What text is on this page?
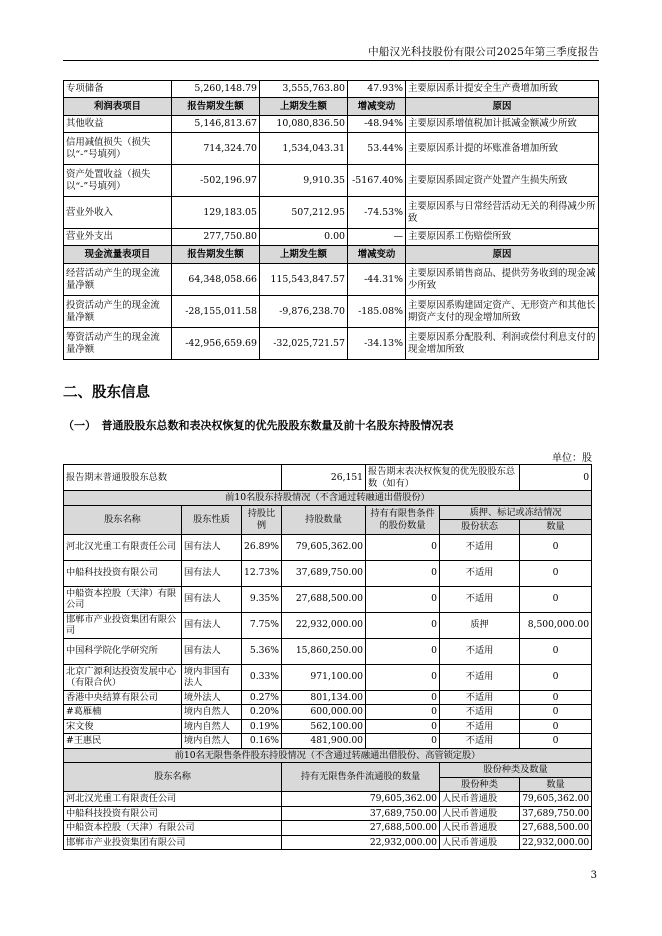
中船汉光科技股份有限公司2025年第三季度报告
专项储备	5,260,148.79	3,555,763.80	47.93%	主要原因系计提安全生产费增加所致
利润表项目	报告期发生额	上期发生额	增减变动	原因
其他收益	5,146,813.67	10,080,836.50	-48.94%	主要原因系增值税加计抵减金额减少所致
信用减值损失（损失以“-”号填列）	714,324.70	1,534,043.31	53.44%	主要原因系计提的坏账准备增加所致
资产处置收益（损失以“-”号填列）	-502,196.97	9,910.35	-5167.40%	主要原因系固定资产处置产生损失所致
营业外收入	129,183.05	507,212.95	-74.53%	主要原因系与日常经营活动无关的利得减少所致
营业外支出	277,750.80	0.00	—	主要原因系工伤赔偿所致
现金流量表项目	报告期发生额	上期发生额	增减变动	原因
经营活动产生的现金流量净额	64,348,058.66	115,543,847.57	-44.31%	主要原因系销售商品、提供劳务收到的现金减少所致
投资活动产生的现金流量净额	-28,155,011.58	-9,876,238.70	-185.08%	主要原因系购建固定资产、无形资产和其他长期资产支付的现金增加所致
筹资活动产生的现金流量净额	-42,956,659.69	-32,025,721.57	-34.13%	主要原因系分配股利、利润或偿付利息支付的现金增加所致
二、股东信息
（一）　普通股股东总数和表决权恢复的优先股股东数量及前十名股东持股情况表
单位：股
报告期末普通股股东总数			26,151	报告期末表决权恢复的优先股股东总数（如有）		0
前10名股东持股情况（不含通过转融通出借股份）						
股东名称	股东性质	持股比例	持股数量	持有有限售条件的股份数量	质押、标记或冻结情况	
					股份状态	数量
河北汉光重工有限责任公司	国有法人	26.89%	79,605,362.00	0	不适用	0
中船科技投资有限公司	国有法人	12.73%	37,689,750.00	0	不适用	0
中船资本控股（天津）有限公司	国有法人	9.35%	27,688,500.00	0	不适用	0
邯郸市产业投资集团有限公司	国有法人	7.75%	22,932,000.00	0	质押	8,500,000.00
中国科学院化学研究所	国有法人	5.36%	15,860,250.00	0	不适用	0
北京广源利达投资发展中心（有限合伙）	境内非国有法人	0.33%	971,100.00	0	不适用	0
香港中央结算有限公司	境外法人	0.27%	801,134.00	0	不适用	0
#葛雁楠	境内自然人	0.20%	600,000.00	0	不适用	0
宋文俊	境内自然人	0.19%	562,100.00	0	不适用	0
#王惠民	境内自然人	0.16%	481,900.00	0	不适用	0
前10名无限售条件股东持股情况（不含通过转融通出借股份、高管锁定股）						
股东名称			持有无限售条件流通股的数量		股份种类及数量	
					股份种类	数量
河北汉光重工有限责任公司			79,605,362.00		人民币普通股	79,605,362.00
中船科技投资有限公司			37,689,750.00		人民币普通股	37,689,750.00
中船资本控股（天津）有限公司			27,688,500.00		人民币普通股	27,688,500.00
邯郸市产业投资集团有限公司			22,932,000.00		人民币普通股	22,932,000.00
3
